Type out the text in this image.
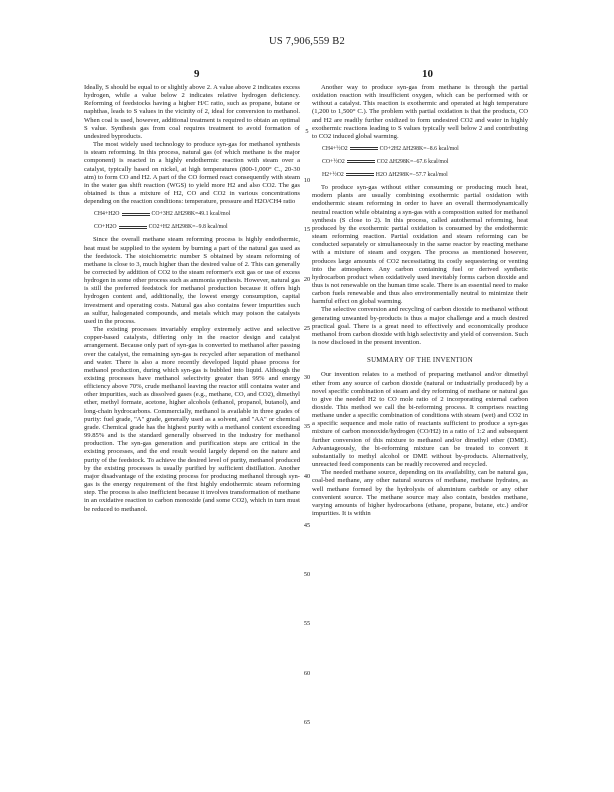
US 7,906,559 B2
9	10

Ideally, S should be equal to or slightly above 2. A value above 2 indicates excess hydrogen, while a value below 2 indicates relative hydrogen deficiency. Reforming of feedstocks having a higher H/C ratio, such as propane, butane or naphthas, leads to S values in the vicinity of 2, ideal for conversion to methanol. When coal is used, however, additional treatment is required to obtain an optimal S value. Synthesis gas from coal requires treatment to avoid formation of undesired byproducts.

The most widely used technology to produce syn-gas for methanol synthesis is steam reforming. In this process, natural gas (of which methane is the major component) is reacted in a highly endothermic reaction with steam over a catalyst, typically based on nickel, at high temperatures (800-1,000° C., 20-30 atm) to form CO and H2. A part of the CO formed react consequently with steam in the water gas shift reaction (WGS) to yield more H2 and also CO2. The gas obtained is thus a mixture of H2, CO and CO2 in various concentrations depending on the reaction conditions: temperature, pressure and H2O/CH4 ratio

CH4+H2O	CO+3H2 ΔH298K=49.1 kcal/mol
CO+H2O	CO2+H2 ΔH298K=−9.8 kcal/mol

Since the overall methane steam reforming process is highly endothermic, heat must be supplied to the system by burning a part of the natural gas used as the feedstock. The stoichiometric number S obtained by steam reforming of methane is close to 3, much higher than the desired value of 2. This can generally be corrected by addition of CO2 to the steam reformer's exit gas or use of excess hydrogen in some other process such as ammonia synthesis. However, natural gas is still the preferred feedstock for methanol production because it offers high hydrogen content and, additionally, the lowest energy consumption, capital investment and operating costs. Natural gas also contains fewer impurities such as sulfur, halogenated compounds, and metals which may poison the catalysts used in the process.

The existing processes invariably employ extremely active and selective copper-based catalysts, differing only in the reactor design and catalyst arrangement. Because only part of syn-gas is converted to methanol after passing over the catalyst, the remaining syn-gas is recycled after separation of methanol and water. There is also a more recently developed liquid phase process for methanol production, during which syn-gas is bubbled into liquid. Although the existing processes have methanol selectivity greater than 99% and energy efficiency above 70%, crude methanol leaving the reactor still contains water and other impurities, such as dissolved gases (e.g., methane, CO, and CO2), dimethyl ether, methyl formate, acetone, higher alcohols (ethanol, propanol, butanol), and long-chain hydrocarbons. Commercially, methanol is available in three grades of purity: fuel grade, "A" grade, generally used as a solvent, and "AA" or chemical grade. Chemical grade has the highest purity with a methanol content exceeding 99.85% and is the standard generally observed in the industry for methanol production. The syn-gas generation and purification steps are critical in the existing processes, and the end result would largely depend on the nature and purity of the feedstock. To achieve the desired level of purity, methanol produced by the existing processes is usually purified by sufficient distillation. Another major disadvantage of the existing process for producing methanol through syn-gas is the energy requirement of the first highly endothermic steam reforming step. The process is also inefficient because it involves transformation of methane in an oxidative reaction to carbon monoxide (and some CO2), which in turn must be reduced to methanol.

Another way to produce syn-gas from methane is through the partial oxidation reaction with insufficient oxygen, which can be performed with or without a catalyst. This reaction is exothermic and operated at high temperature (1,200 to 1,500° C.). The problem with partial oxidation is that the products, CO and H2 are readily further oxidized to form undesired CO2 and water in highly exothermic reactions leading to S values typically well below 2 and contributing to CO2 induced global warming.

CH4+½O2	CO+2H2 ΔH298K=−8.6 kcal/mol
CO+½O2	CO2 ΔH298K=−67.6 kcal/mol
H2+½O2	H2O ΔH298K=−57.7 kcal/mol

To produce syn-gas without either consuming or producing much heat, modern plants are usually combining exothermic partial oxidation with endothermic steam reforming in order to have an overall thermodynamically neutral reaction while obtaining a syn-gas with a composition suited for methanol synthesis (S close to 2). In this process, called autothermal reforming, heat produced by the exothermic partial oxidation is consumed by the endothermic steam reforming reaction. Partial oxidation and steam reforming can be conducted separately or simultaneously in the same reactor by reacting methane with a mixture of steam and oxygen. The process as mentioned however, produces large amounts of CO2 necessitating its costly sequestering or venting into the atmosphere. Any carbon containing fuel or derived synthetic hydrocarbon product when oxidatively used inevitably forms carbon dioxide and thus is not renewable on the human time scale. There is an essential need to make carbon fuels renewable and thus also environmentally neutral to minimize their harmful effect on global warming.

The selective conversion and recycling of carbon dioxide to methanol without generating unwanted by-products is thus a major challenge and a much desired practical goal. There is a great need to effectively and economically produce methanol from carbon dioxide with high selectivity and yield of conversion. Such is now disclosed in the present invention.

SUMMARY OF THE INVENTION

Our invention relates to a method of preparing methanol and/or dimethyl ether from any source of carbon dioxide (natural or industrially produced) by a novel specific combination of steam and dry reforming of methane or natural gas to give the needed H2 to CO mole ratio of 2 incorporating external carbon dioxide. This method we call the bi-reforming process. It comprises reacting methane under a specific combination of conditions with steam (wet) and CO2 in a specific sequence and mole ratio of reactants sufficient to produce a syn-gas mixture of carbon monoxide/hydrogen (CO/H2) in a ratio of 1:2 and subsequent further conversion of this mixture to methanol and/or dimethyl ether (DME). Advantageously, the bi-reforming mixture can be treated to convert it substantially to methyl alcohol or DME without by-products. Alternatively, unreacted feed components can be readily recovered and recycled.

The needed methane source, depending on its availability, can be natural gas, coal-bed methane, any other natural sources of methane, methane hydrates, as well methane formed by the hydrolysis of aluminium carbide or any other convenient source. The methane source may also contain, besides methane, varying amounts of higher hydrocarbons (ethane, propane, butane, etc.) and/or impurities. It is within

5
10
15
20
25
30
35
40
45
50
55
60
65
